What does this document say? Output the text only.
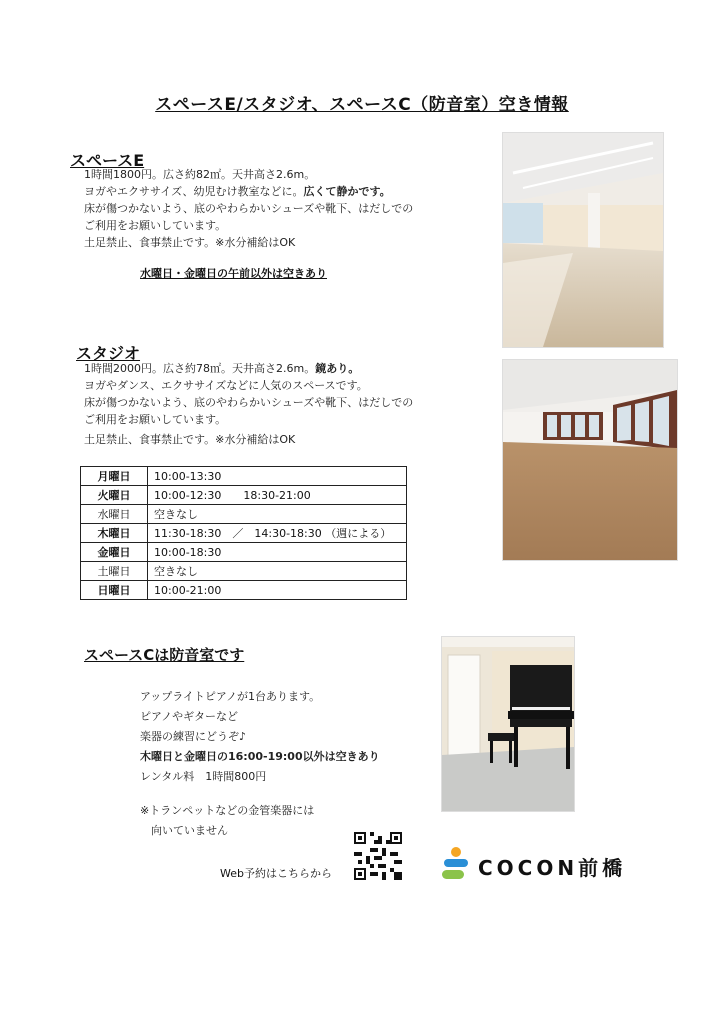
スペースE/スタジオ、スペースC（防音室）空き情報
スペースE

1時間1800円。広さ約82㎡。天井高さ2.6m。

ヨガやエクササイズ、幼児むけ教室などに。広くて静かです。

床が傷つかないよう、底のやわらかいシューズや靴下、はだしでの

ご利用をお願いしています。

土足禁止、食事禁止です。※水分補給はOK

水曜日・金曜日の午前以外は空きあり
スタジオ

1時間2000円。広さ約78㎡。天井高さ2.6m。鏡あり。

ヨガやダンス、エクササイズなどに人気のスペースです。

床が傷つかないよう、底のやわらかいシューズや靴下、はだしでの

ご利用をお願いしています。

土足禁止、食事禁止です。※水分補給はOK

月曜日	10:00-13:30
火曜日	10:00-12:30　　18:30-21:00
水曜日	空きなし
木曜日	11:30-18:30　／　14:30-18:30 （週による）
金曜日	10:00-18:30
土曜日	空きなし
日曜日	10:00-21:00
スペースCは防音室です

アップライトピアノが1台あります。

ピアノやギターなど

楽器の練習にどうぞ♪

木曜日と金曜日の16:00-19:00以外は空きあり

レンタル料　1時間800円

※トランペットなどの金管楽器には

　向いていません

Web予約はこちらから	COCON前橋
